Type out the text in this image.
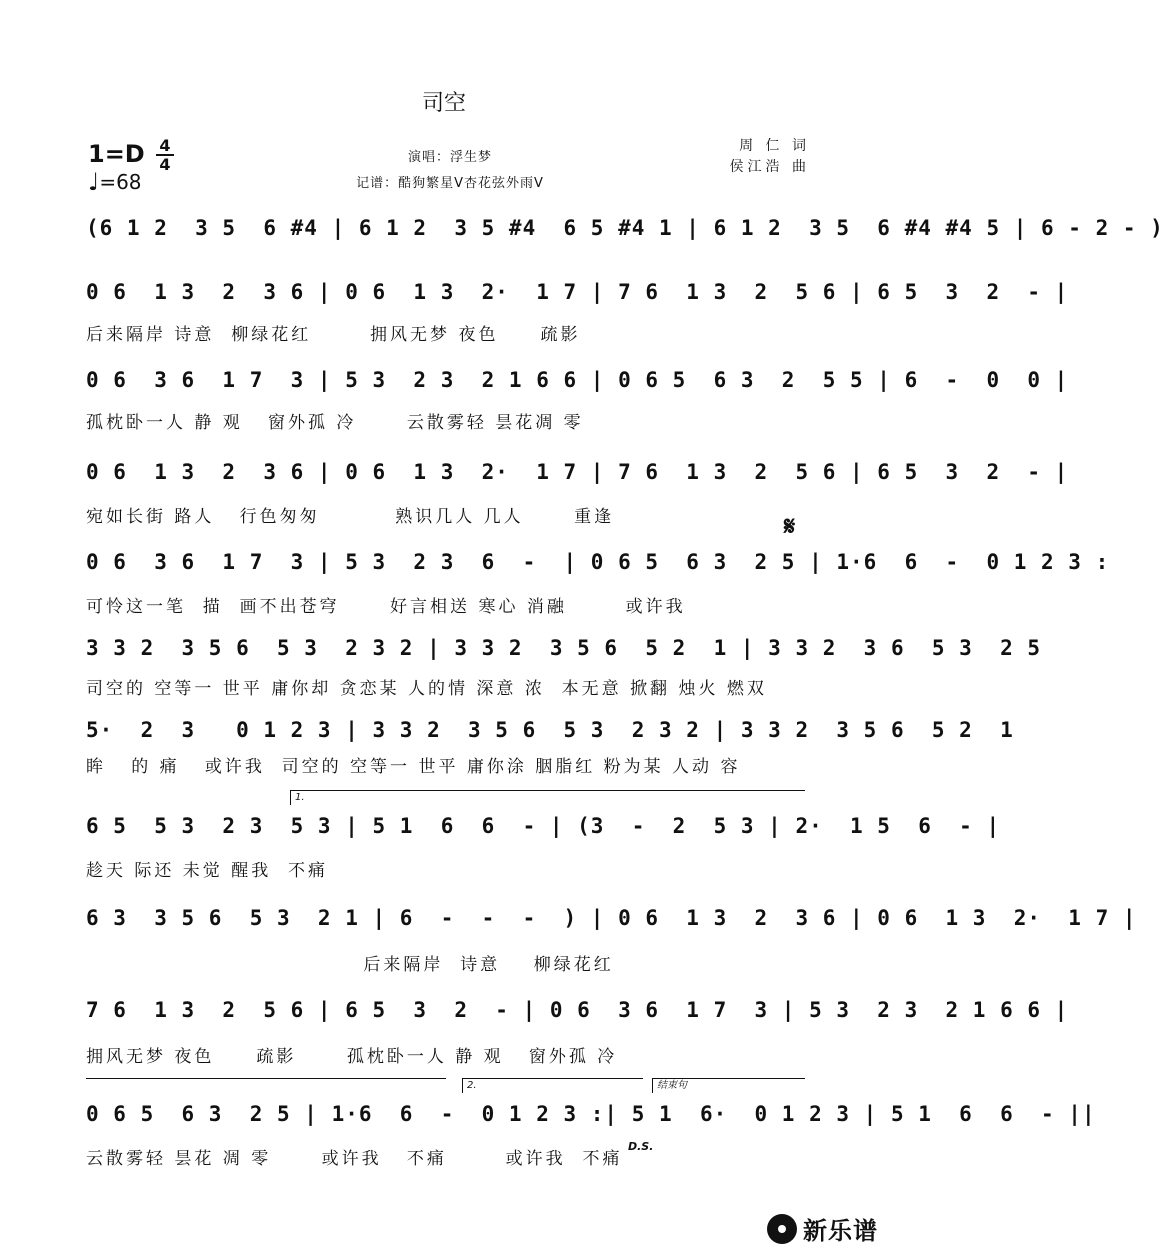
司空
1=D 4
4
♩ =68
演唱：浮生梦
记谱：酷狗繁星V杏花弦外雨V
周 仁 词
侯江浩 曲
(6 1 2  3 5  6 #4 | 6 1 2  3 5 #4  6 5 #4 1 | 6 1 2  3 5  6 #4 #4 5 | 6 - 2 - )
0 6  1 3  2  3 6 | 0 6  1 3  2·  1 7 | 7 6  1 3  2  5 6 | 6 5  3  2  - |
后来隔岸 诗意  柳绿花红       拥风无梦 夜色     疏影
0 6  3 6  1 7  3 | 5 3  2 3  2 1 6 6 | 0 6 5  6 3  2  5 5 | 6  -  0  0 |
孤枕卧一人 静 观   窗外孤 冷      云散雾轻 昙花凋 零
0 6  1 3  2  3 6 | 0 6  1 3  2·  1 7 | 7 6  1 3  2  5 6 | 6 5  3  2  - |
宛如长街 路人   行色匆匆         熟识几人 几人      重逢	𝄋
0 6  3 6  1 7  3 | 5 3  2 3  6  -  | 0 6 5  6 3  2 5 | 1·6  6  -  0 1 2 3 :
可怜这一笔  描  画不出苍穹      好言相送 寒心 消融       或许我
3 3 2  3 5 6  5 3  2 3 2 | 3 3 2  3 5 6  5 2  1 | 3 3 2  3 6  5 3  2 5
司空的 空等一 世平 庸你却 贪恋某 人的情 深意 浓  本无意 掀翻 烛火 燃双
5·  2  3   0 1 2 3 | 3 3 2  3 5 6  5 3  2 3 2 | 3 3 2  3 5 6  5 2  1
眸   的 痛   或许我  司空的 空等一 世平 庸你涂 胭脂红 粉为某 人动 容
1.
6 5  5 3  2 3  5 3 | 5 1  6  6  - | (3  -  2  5 3 | 2·  1 5  6  - |
趁天 际还 未觉 醒我  不痛
6 3  3 5 6  5 3  2 1 | 6  -  -  -  ) | 0 6  1 3  2  3 6 | 0 6  1 3  2·  1 7 |
后来隔岸  诗意    柳绿花红
7 6  1 3  2  5 6 | 6 5  3  2  - | 0 6  3 6  1 7  3 | 5 3  2 3  2 1 6 6 |
拥风无梦 夜色     疏影      孤枕卧一人 静 观   窗外孤 冷
2.	结束句
0 6 5  6 3  2 5 | 1·6  6  -  0 1 2 3 :| 5 1  6·  0 1 2 3 | 5 1  6  6  - ||
D.S.
云散雾轻 昙花 凋 零      或许我   不痛       或许我  不痛
新乐谱
